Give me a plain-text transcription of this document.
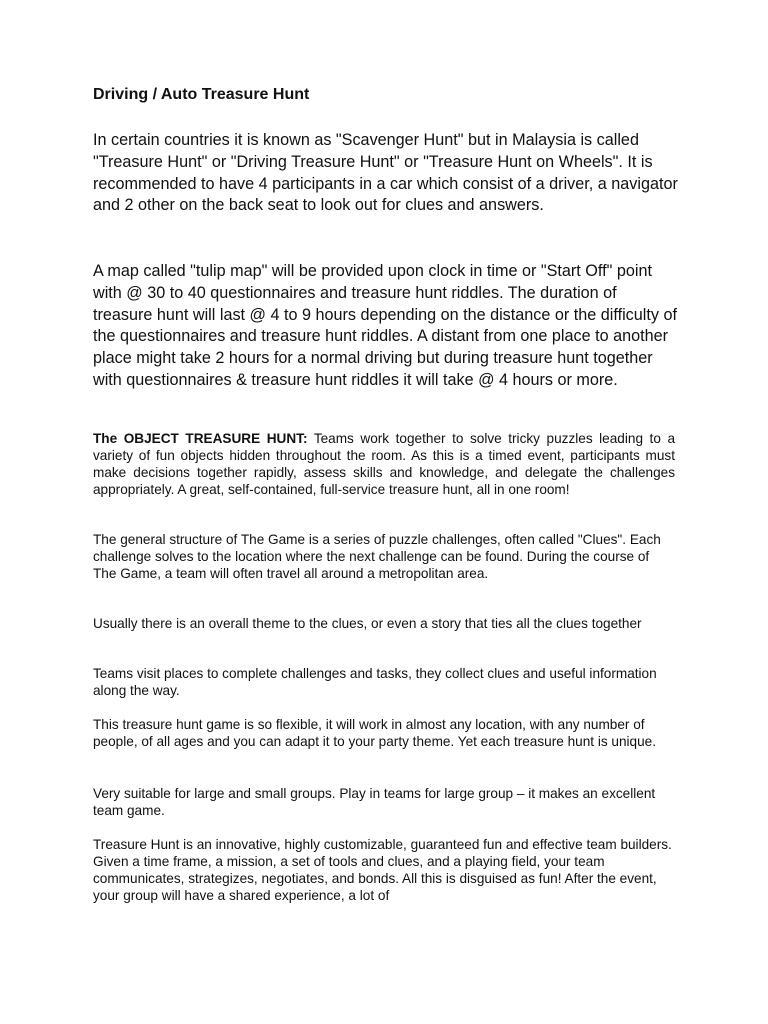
Driving / Auto Treasure Hunt

In certain countries it is known as "Scavenger Hunt" but in Malaysia is called "Treasure Hunt" or "Driving Treasure Hunt" or "Treasure Hunt on Wheels". It is recommended to have 4 participants in a car which consist of a driver, a navigator and 2 other on the back seat to look out for clues and answers.

A map called "tulip map" will be provided upon clock in time or "Start Off" point with @ 30 to 40 questionnaires and treasure hunt riddles. The duration of treasure hunt will last @ 4 to 9 hours depending on the distance or the difficulty of the questionnaires and treasure hunt riddles. A distant from one place to another place might take 2 hours for a normal driving but during treasure hunt together with questionnaires & treasure hunt riddles it will take @ 4 hours or more.

The OBJECT TREASURE HUNT: Teams work together to solve tricky puzzles leading to a variety of fun objects hidden throughout the room. As this is a timed event, participants must make decisions together rapidly, assess skills and knowledge, and delegate the challenges appropriately. A great, self-contained, full-service treasure hunt, all in one room!

The general structure of The Game is a series of puzzle challenges, often called "Clues". Each challenge solves to the location where the next challenge can be found. During the course of The Game, a team will often travel all around a metropolitan area.

Usually there is an overall theme to the clues, or even a story that ties all the clues together

Teams visit places to complete challenges and tasks, they collect clues and useful information along the way.

This treasure hunt game is so flexible, it will work in almost any location, with any number of people, of all ages and you can adapt it to your party theme. Yet each treasure hunt is unique.

Very suitable for large and small groups. Play in teams for large group – it makes an excellent team game.

Treasure Hunt is an innovative, highly customizable, guaranteed fun and effective team builders. Given a time frame, a mission, a set of tools and clues, and a playing field, your team communicates, strategizes, negotiates, and bonds. All this is disguised as fun! After the event, your group will have a shared experience, a lot of
